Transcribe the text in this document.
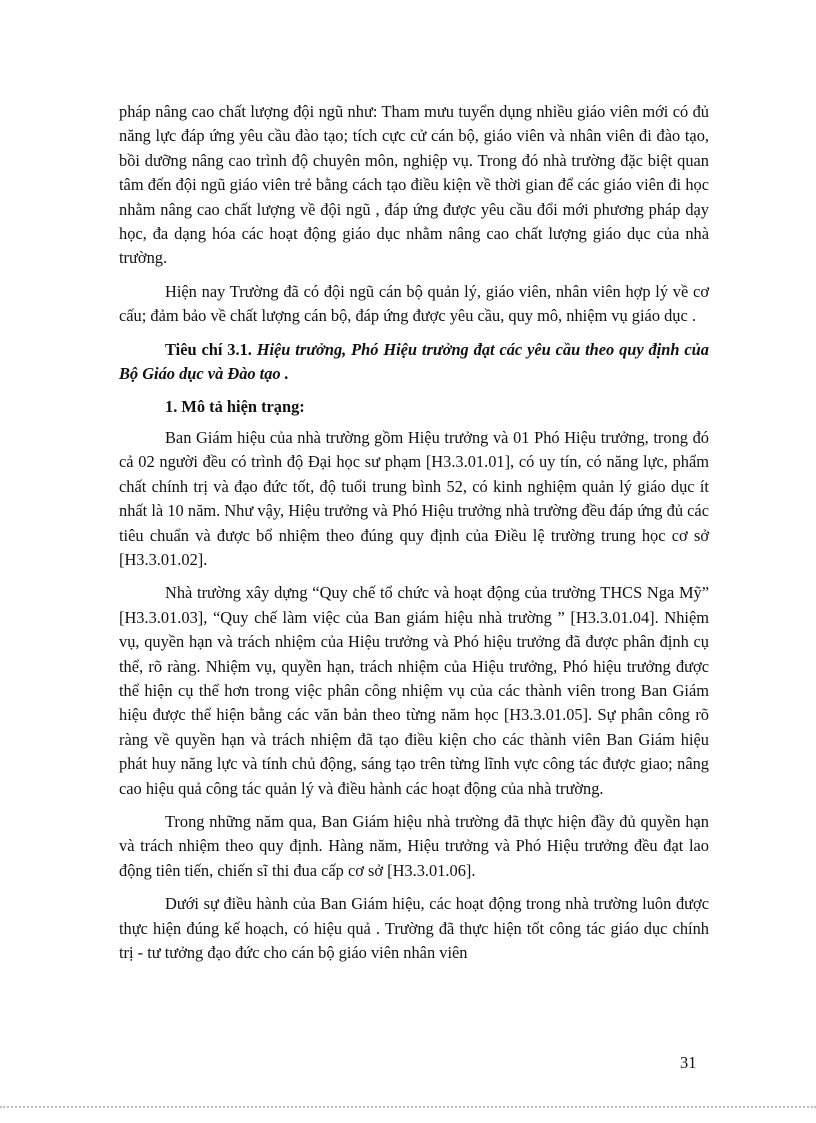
pháp nâng cao chất lượng đội ngũ như: Tham mưu tuyển dụng nhiều giáo viên mới có đủ năng lực đáp ứng yêu cầu đào tạo; tích cực cử cán bộ, giáo viên và nhân viên đi đào tạo, bồi dưỡng nâng cao trình độ chuyên môn, nghiệp vụ. Trong đó nhà trường đặc biệt quan tâm đến đội ngũ giáo viên trẻ bằng cách tạo điều kiện về thời gian để các giáo viên đi học nhằm nâng cao chất lượng về đội ngũ , đáp ứng được yêu cầu đổi mới phương pháp dạy học, đa dạng hóa các hoạt động giáo dục nhằm nâng cao chất lượng giáo dục của nhà trường.

Hiện nay Trường đã có đội ngũ cán bộ quản lý, giáo viên, nhân viên hợp lý về cơ cấu; đảm bảo về chất lượng cán bộ, đáp ứng được yêu cầu, quy mô, nhiệm vụ giáo dục .

Tiêu chí 3.1. Hiệu trưởng, Phó Hiệu trưởng đạt các yêu cầu theo quy định của Bộ Giáo dục và Đào tạo .

1. Mô tả hiện trạng:

Ban Giám hiệu của nhà trường gồm Hiệu trưởng và 01 Phó Hiệu trưởng, trong đó cả 02 người đều có trình độ Đại học sư phạm [H3.3.01.01], có uy tín, có năng lực, phẩm chất chính trị và đạo đức tốt, độ tuổi trung bình 52, có kinh nghiệm quản lý giáo dục ít nhất là 10 năm. Như vậy, Hiệu trưởng và Phó Hiệu trưởng nhà trường đều đáp ứng đủ các tiêu chuẩn và được bổ nhiệm theo đúng quy định của Điều lệ trường trung học cơ sở [H3.3.01.02].

Nhà trường xây dựng “Quy chế tổ chức và hoạt động của trường THCS Nga Mỹ” [H3.3.01.03], “Quy chế làm việc của Ban giám hiệu nhà trường ” [H3.3.01.04]. Nhiệm vụ, quyền hạn và trách nhiệm của Hiệu trưởng và Phó hiệu trưởng đã được phân định cụ thể, rõ ràng. Nhiệm vụ, quyền hạn, trách nhiệm của Hiệu trưởng, Phó hiệu trưởng được thể hiện cụ thể hơn trong việc phân công nhiệm vụ của các thành viên trong Ban Giám hiệu được thể hiện bằng các văn bản theo từng năm học [H3.3.01.05]. Sự phân công rõ ràng về quyền hạn và trách nhiệm đã tạo điều kiện cho các thành viên Ban Giám hiệu phát huy năng lực và tính chủ động, sáng tạo trên từng lĩnh vực công tác được giao; nâng cao hiệu quả công tác quản lý và điều hành các hoạt động của nhà trường.

Trong những năm qua, Ban Giám hiệu nhà trường đã thực hiện đầy đủ quyền hạn và trách nhiệm theo quy định. Hàng năm, Hiệu trưởng và Phó Hiệu trưởng đều đạt lao động tiên tiến, chiến sĩ thi đua cấp cơ sở [H3.3.01.06].

Dưới sự điều hành của Ban Giám hiệu, các hoạt động trong nhà trường luôn được thực hiện đúng kế hoạch, có hiệu quả . Trường đã thực hiện tốt công tác giáo dục chính trị - tư tưởng đạo đức cho cán bộ giáo viên nhân viên

31
